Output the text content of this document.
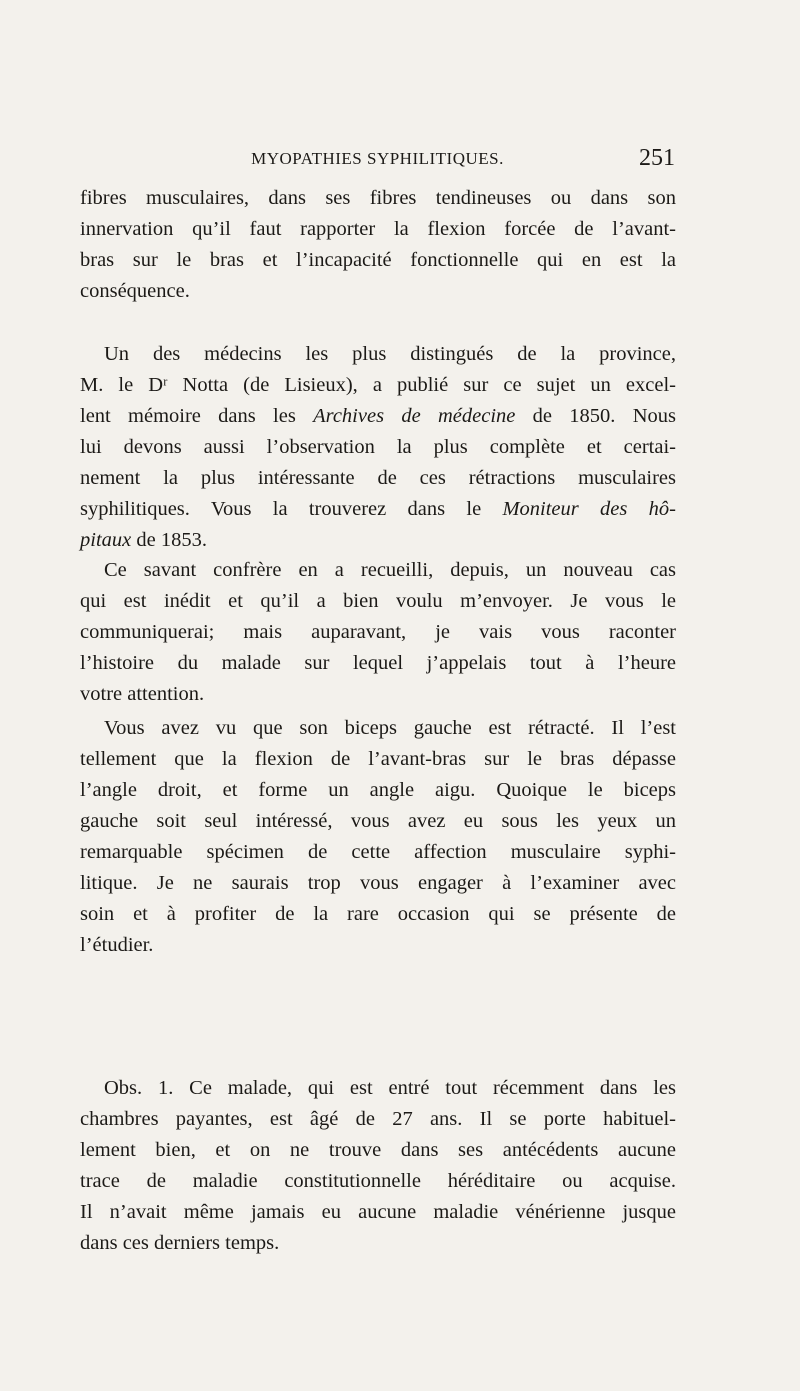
MYOPATHIES SYPHILITIQUES.	251
fibres musculaires, dans ses fibres tendineuses ou dans son
innervation qu’il faut rapporter la flexion forcée de l’avant-
bras sur le bras et l’incapacité fonctionnelle qui en est la
conséquence.
Un des médecins les plus distingués de la province,
M. le Dʳ Notta (de Lisieux), a publié sur ce sujet un excel-
lent mémoire dans les Archives de médecine de 1850. Nous
lui devons aussi l’observation la plus complète et certai-
nement la plus intéressante de ces rétractions musculaires
syphilitiques. Vous la trouverez dans le Moniteur des hô-
pitaux de 1853.
Ce savant confrère en a recueilli, depuis, un nouveau cas
qui est inédit et qu’il a bien voulu m’envoyer. Je vous le
communiquerai; mais auparavant, je vais vous raconter
l’histoire du malade sur lequel j’appelais tout à l’heure
votre attention.
Vous avez vu que son biceps gauche est rétracté. Il l’est
tellement que la flexion de l’avant-bras sur le bras dépasse
l’angle droit, et forme un angle aigu. Quoique le biceps
gauche soit seul intéressé, vous avez eu sous les yeux un
remarquable spécimen de cette affection musculaire syphi-
litique. Je ne saurais trop vous engager à l’examiner avec
soin et à profiter de la rare occasion qui se présente de
l’étudier.
Obs. 1. Ce malade, qui est entré tout récemment dans les
chambres payantes, est âgé de 27 ans. Il se porte habituel-
lement bien, et on ne trouve dans ses antécédents aucune
trace de maladie constitutionnelle héréditaire ou acquise.
Il n’avait même jamais eu aucune maladie vénérienne jusque
dans ces derniers temps.
